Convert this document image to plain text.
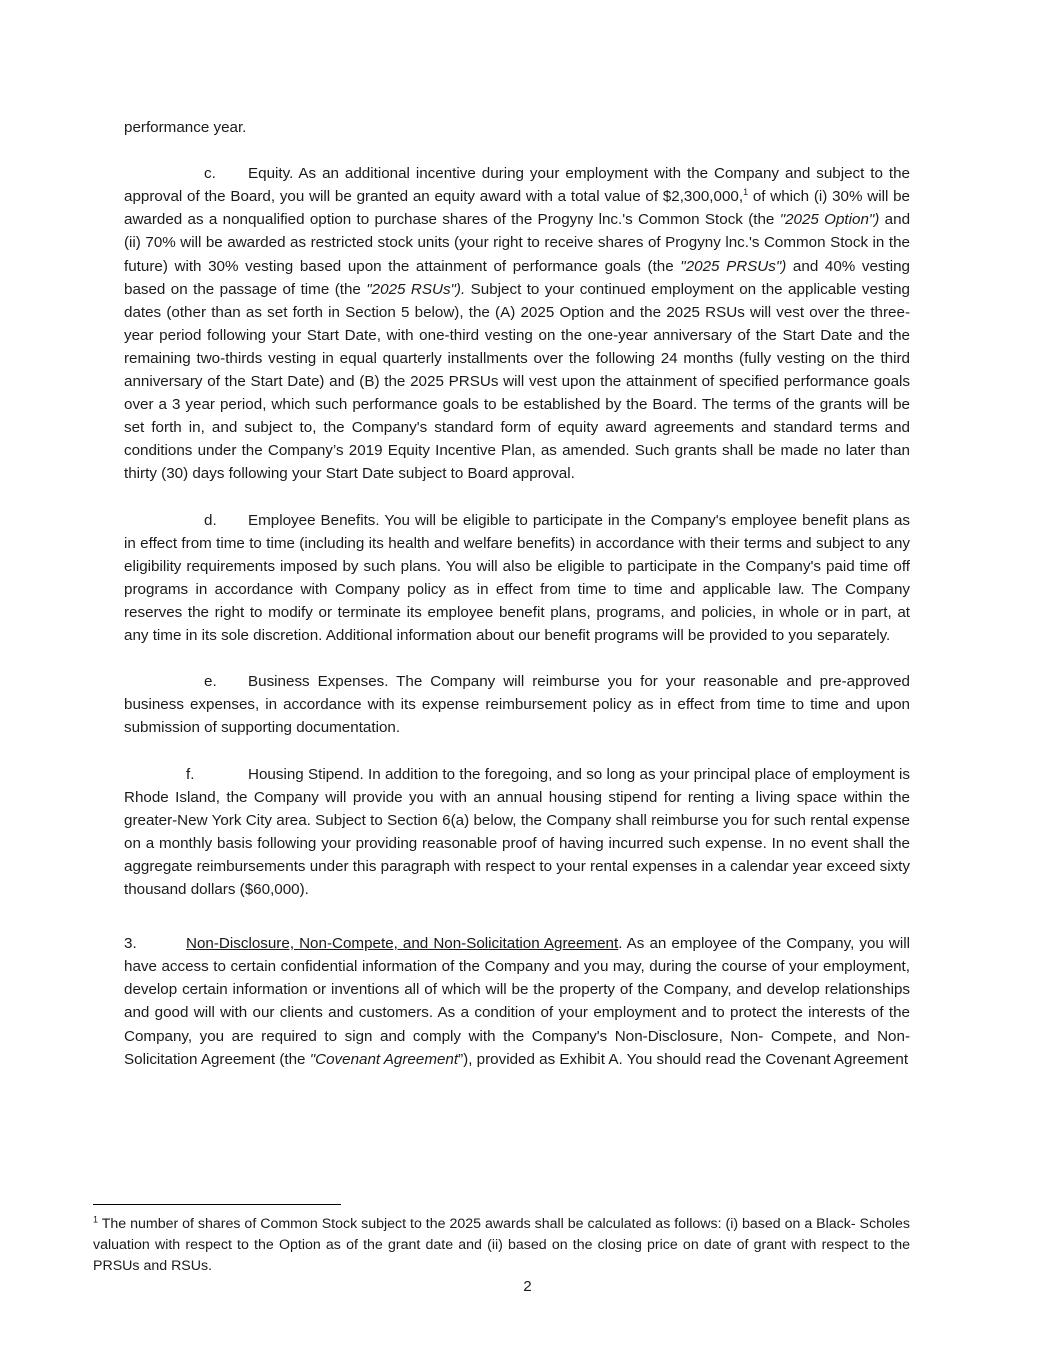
performance year.

c. Equity. As an additional incentive during your employment with the Company and subject to the approval of the Board, you will be granted an equity award with a total value of $2,300,000,$^1$ of which (i) 30% will be awarded as a nonqualified option to purchase shares of the Progyny lnc.'s Common Stock (the "2025 Option") and (ii) 70% will be awarded as restricted stock units (your right to receive shares of Progyny lnc.'s Common Stock in the future) with 30% vesting based upon the attainment of performance goals (the "2025 PRSUs") and 40% vesting based on the passage of time (the "2025 RSUs"). Subject to your continued employment on the applicable vesting dates (other than as set forth in Section 5 below), the (A) 2025 Option and the 2025 RSUs will vest over the three-year period following your Start Date, with one-third vesting on the one-year anniversary of the Start Date and the remaining two-thirds vesting in equal quarterly installments over the following 24 months (fully vesting on the third anniversary of the Start Date) and (B) the 2025 PRSUs will vest upon the attainment of specified performance goals over a 3 year period, which such performance goals to be established by the Board. The terms of the grants will be set forth in, and subject to, the Company's standard form of equity award agreements and standard terms and conditions under the Company’s 2019 Equity Incentive Plan, as amended. Such grants shall be made no later than thirty (30) days following your Start Date subject to Board approval.

d. Employee Benefits. You will be eligible to participate in the Company's employee benefit plans as in effect from time to time (including its health and welfare benefits) in accordance with their terms and subject to any eligibility requirements imposed by such plans. You will also be eligible to participate in the Company's paid time off programs in accordance with Company policy as in effect from time to time and applicable law. The Company reserves the right to modify or terminate its employee benefit plans, programs, and policies, in whole or in part, at any time in its sole discretion. Additional information about our benefit programs will be provided to you separately.

e. Business Expenses. The Company will reimburse you for your reasonable and pre-approved business expenses, in accordance with its expense reimbursement policy as in effect from time to time and upon submission of supporting documentation.

f.	Housing Stipend. In addition to the foregoing, and so long as your principal place of employment is Rhode Island, the Company will provide you with an annual housing stipend for renting a living space within the greater-New York City area. Subject to Section 6(a) below, the Company shall reimburse you for such rental expense on a monthly basis following your providing reasonable proof of having incurred such expense. In no event shall the aggregate reimbursements under this paragraph with respect to your rental expenses in a calendar year exceed sixty thousand dollars ($60,000).

3.	Non-Disclosure, Non-Compete, and Non-Solicitation Agreement. As an employee of the Company, you will have access to certain confidential information of the Company and you may, during the course of your employment, develop certain information or inventions all of which will be the property of the Company, and develop relationships and good will with our clients and customers. As a condition of your employment and to protect the interests of the Company, you are required to sign and comply with the Company's Non-Disclosure, Non- Compete, and Non-Solicitation Agreement (the "Covenant Agreement”), provided as Exhibit A. You should read the Covenant Agreement

$^1$ The number of shares of Common Stock subject to the 2025 awards shall be calculated as follows: (i) based on a Black- Scholes valuation with respect to the Option as of the grant date and (ii) based on the closing price on date of grant with respect to the PRSUs and RSUs.

2
